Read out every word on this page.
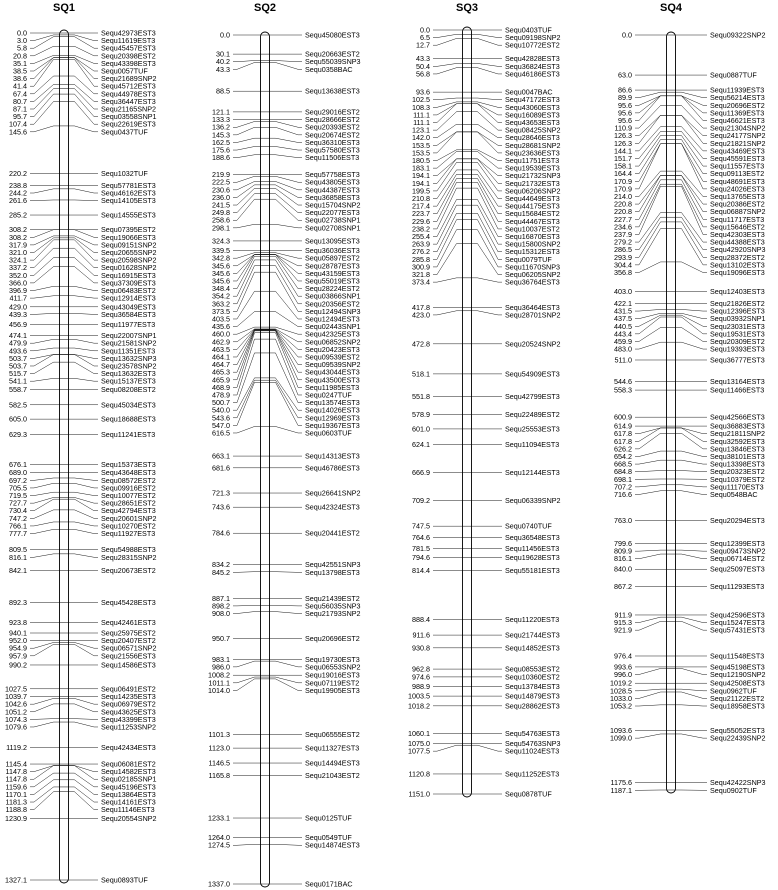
SQ1
0.0	Sequ42973EST3
3.0	Sequ11619EST3
5.8	Sequ45457EST3
20.8	Sequ20398EST2
35.1	Sequ43398EST3
38.5	Sequ0057TUF
38.6	Sequ21689SNP2
41.4	Sequ45712EST3
67.4	Sequ44978EST3
80.7	Sequ36447EST3
87.1	Sequ21165SNP2
95.7	Sequ03558SNP1
107.4	Sequ22619EST3
145.6	Sequ0437TUF
220.2	Sequ1032TUF
238.8	Sequ57781EST3
244.2	Sequ46162EST3
261.6	Sequ14105EST3
285.2	Sequ14555EST3
308.2	Sequ07395EST2
308.2	Sequ19066EST3
317.9	Sequ09151SNP2
321.0	Sequ20655SNP2
324.1	Sequ20598SNP2
337.2	Sequ01628SNP2
352.0	Sequ16915EST3
366.0	Sequ37309EST3
396.9	Sequ06483EST2
411.7	Sequ12914EST3
429.0	Sequ43049EST3
439.3	Sequ36584EST3
456.9	Sequ11977EST3
474.1	Sequ22007SNP1
479.9	Sequ21581SNP2
493.6	Sequ11351EST3
503.7	Sequ13632SNP3
503.7	Sequ23578SNP2
515.7	Sequ13632EST3
541.1	Sequ15137EST3
558.7	Sequ08208EST2
582.5	Sequ45034EST3
605.0	Sequ18688EST3
629.3	Sequ11241EST3
676.1	Sequ15373EST3
689.0	Sequ43648EST3
697.2	Sequ08572EST2
705.5	Sequ09916EST2
719.5	Sequ10077EST2
727.7	Sequ28651EST2
730.4	Sequ42794EST3
747.2	Sequ20601SNP2
766.1	Sequ10270EST2
777.7	Sequ11927EST3
809.5	Sequ54988EST3
816.1	Sequ28315SNP2
842.1	Sequ20673EST2
892.3	Sequ45428EST3
923.8	Sequ42461EST3
940.1	Sequ25975EST2
952.0	Sequ20407EST2
954.9	Sequ06571SNP2
957.9	Sequ21556EST3
990.2	Sequ14586EST3
1027.5	Sequ06491EST2
1039.7	Sequ14235EST3
1042.6	Sequ06979EST2
1051.2	Sequ43625EST3
1074.3	Sequ43399EST3
1079.6	Sequ11253SNP2
1119.2	Sequ42434EST3
1145.4	Sequ06081EST2
1147.8	Sequ14582EST3
1147.8	Sequ02185SNP1
1159.6	Sequ45196EST3
1170.1	Sequ13864EST3
1181.3	Sequ14161EST3
1188.8	Sequ11146EST3
1230.9	Sequ20554SNP2
1327.1	Sequ0893TUF
SQ2
0.0	Sequ45080EST3
30.1	Sequ20663EST2
40.2	Sequ55039SNP3
43.3	Sequ0358BAC
88.5	Sequ13638EST3
121.1	Sequ29016EST2
133.3	Sequ28666EST2
136.2	Sequ20393EST2
145.3	Sequ20674EST2
162.5	Sequ36310EST3
175.6	Sequ57580EST3
188.6	Sequ11506EST3
219.9	Sequ57758EST3
222.5	Sequ43805EST3
230.6	Sequ44387EST3
236.0	Sequ36858EST3
241.5	Sequ15704SNP2
249.8	Sequ22077EST3
258.6	Sequ02738SNP1
298.1	Sequ02708SNP1
324.3	Sequ13095EST3
339.5	Sequ36036EST3
342.8	Sequ05897EST2
345.6	Sequ28787EST3
345.6	Sequ43159EST3
345.6	Sequ55019EST3
348.4	Sequ28224EST2
354.2	Sequ03866SNP1
363.2	Sequ20356EST2
373.5	Sequ12494SNP3
403.5	Sequ12494EST3
435.6	Sequ02443SNP1
460.0	Sequ42325EST3
462.9	Sequ06852SNP2
463.5	Sequ20423EST3
464.1	Sequ09539EST2
464.7	Sequ09539SNP2
465.3	Sequ43044EST3
465.9	Sequ43500EST3
468.9	Sequ11985EST3
478.9	Sequ0247TUF
500.7	Sequ13574EST3
540.0	Sequ14026EST3
543.6	Sequ12969EST3
547.0	Sequ19367EST3
616.5	Sequ0603TUF
663.1	Sequ14313EST3
681.6	Sequ46786EST3
721.3	Sequ26641SNP2
743.6	Sequ42324EST3
784.6	Sequ20441EST2
834.2	Sequ42551SNP3
845.2	Sequ13798EST3
887.1	Sequ21439EST2
898.2	Sequ56035SNP3
908.0	Sequ21793SNP2
950.7	Sequ20696EST2
983.1	Sequ19730EST3
986.0	Sequ06553SNP2
1008.2	Sequ19016EST3
1011.1	Sequ07119EST2
1014.0	Sequ19905EST3
1101.3	Sequ06555EST2
1123.0	Sequ11327EST3
1146.5	Sequ14494EST3
1165.8	Sequ21043EST2
1233.1	Sequ0125TUF
1264.0	Sequ0549TUF
1274.5	Sequ14874EST3
1337.0	Sequ0171BAC
SQ3
0.0	Sequ0403TUF
6.5	Sequ09198SNP2
12.7	Sequ10772EST2
43.3	Sequ42828EST3
50.4	Sequ36824EST3
56.8	Sequ46186EST3
93.6	Sequ0047BAC
102.5	Sequ47172EST3
108.3	Sequ43060EST3
111.1	Sequ16089EST3
111.1	Sequ43653EST3
123.1	Sequ08425SNP2
142.0	Sequ28646EST3
153.5	Sequ28681SNP2
153.5	Sequ23636EST3
180.5	Sequ11751EST3
183.1	Sequ19539EST3
194.1	Sequ21732SNP3
194.1	Sequ21732EST3
199.5	Sequ06206SNP2
210.8	Sequ44649EST3
217.4	Sequ44175EST3
223.7	Sequ15684EST2
229.6	Sequ44467EST3
238.2	Sequ10037EST2
255.4	Sequ16870EST3
263.9	Sequ15800SNP2
276.2	Sequ15312EST3
285.8	Sequ0079TUF
300.9	Sequ11670SNP3
321.8	Sequ06205SNP2
373.4	Sequ36764EST3
417.8	Sequ36464EST3
423.0	Sequ28701SNP2
472.8	Sequ20524SNP2
518.1	Sequ54909EST3
551.8	Sequ42799EST3
578.9	Sequ22489EST2
601.0	Sequ25553EST3
624.1	Sequ11094EST3
666.9	Sequ12144EST3
709.2	Sequ06339SNP2
747.5	Sequ0740TUF
764.6	Sequ36548EST3
781.5	Sequ11456EST3
794.6	Sequ19628EST3
814.4	Sequ55181EST3
888.4	Sequ11220EST3
911.6	Sequ21744EST3
930.8	Sequ14852EST3
962.8	Sequ08553EST2
974.6	Sequ10360EST2
988.9	Sequ13784EST3
1003.5	Sequ14879EST3
1018.2	Sequ28862EST3
1060.1	Sequ54763EST3
1075.0	Sequ54763SNP3
1077.5	Sequ11024EST3
1120.8	Sequ11252EST3
1151.0	Sequ0878TUF
SQ4
0.0	Sequ09322SNP2
63.0	Sequ0887TUF
86.6	Sequ11939EST3
89.9	Sequ56214EST3
95.6	Sequ20696EST2
95.6	Sequ11369EST3
95.6	Sequ46621EST3
110.9	Sequ21304SNP2
126.3	Sequ24177SNP2
126.3	Sequ21821SNP2
144.1	Sequ43469EST3
151.7	Sequ45591EST3
158.1	Sequ11557EST3
164.4	Sequ09113EST2
170.9	Sequ48691EST3
170.9	Sequ24026EST3
214.0	Sequ13765EST3
220.8	Sequ20386EST2
220.8	Sequ06887SNP2
227.7	Sequ11717EST3
234.6	Sequ15646EST2
237.9	Sequ42303EST3
279.2	Sequ44388EST3
286.5	Sequ42920SNP3
293.9	Sequ28372EST2
304.4	Sequ13102EST3
356.8	Sequ19096EST3
403.0	Sequ12403EST3
422.1	Sequ21826EST2
431.5	Sequ12396EST3
437.5	Sequ03932SNP1
440.5	Sequ23031EST3
443.4	Sequ19531EST3
459.9	Sequ20309EST2
483.0	Sequ19393EST3
511.0	Sequ36777EST3
544.6	Sequ13164EST3
558.3	Sequ11466EST3
600.9	Sequ42566EST3
614.9	Sequ36883EST3
617.8	Sequ21811SNP2
617.8	Sequ32592EST3
626.2	Sequ13846EST3
654.2	Sequ38101EST3
668.5	Sequ13398EST3
684.8	Sequ20323EST2
698.1	Sequ10379EST2
707.2	Sequ11170EST3
716.6	Sequ0548BAC
763.0	Sequ20294EST3
799.6	Sequ12399EST3
809.9	Sequ09473SNP2
816.1	Sequ06714EST2
840.0	Sequ25097EST3
867.2	Sequ11293EST3
911.9	Sequ42596EST3
915.3	Sequ15247EST3
921.9	Sequ57431EST3
976.4	Sequ11548EST3
993.6	Sequ45198EST3
996.0	Sequ12190SNP2
1019.2	Sequ42508EST3
1028.5	Sequ0962TUF
1033.0	Sequ21122EST2
1053.2	Sequ18958EST3
1093.6	Sequ55052EST3
1099.0	Sequ22439SNP2
1175.6	Sequ42422SNP3
1187.1	Sequ0902TUF
